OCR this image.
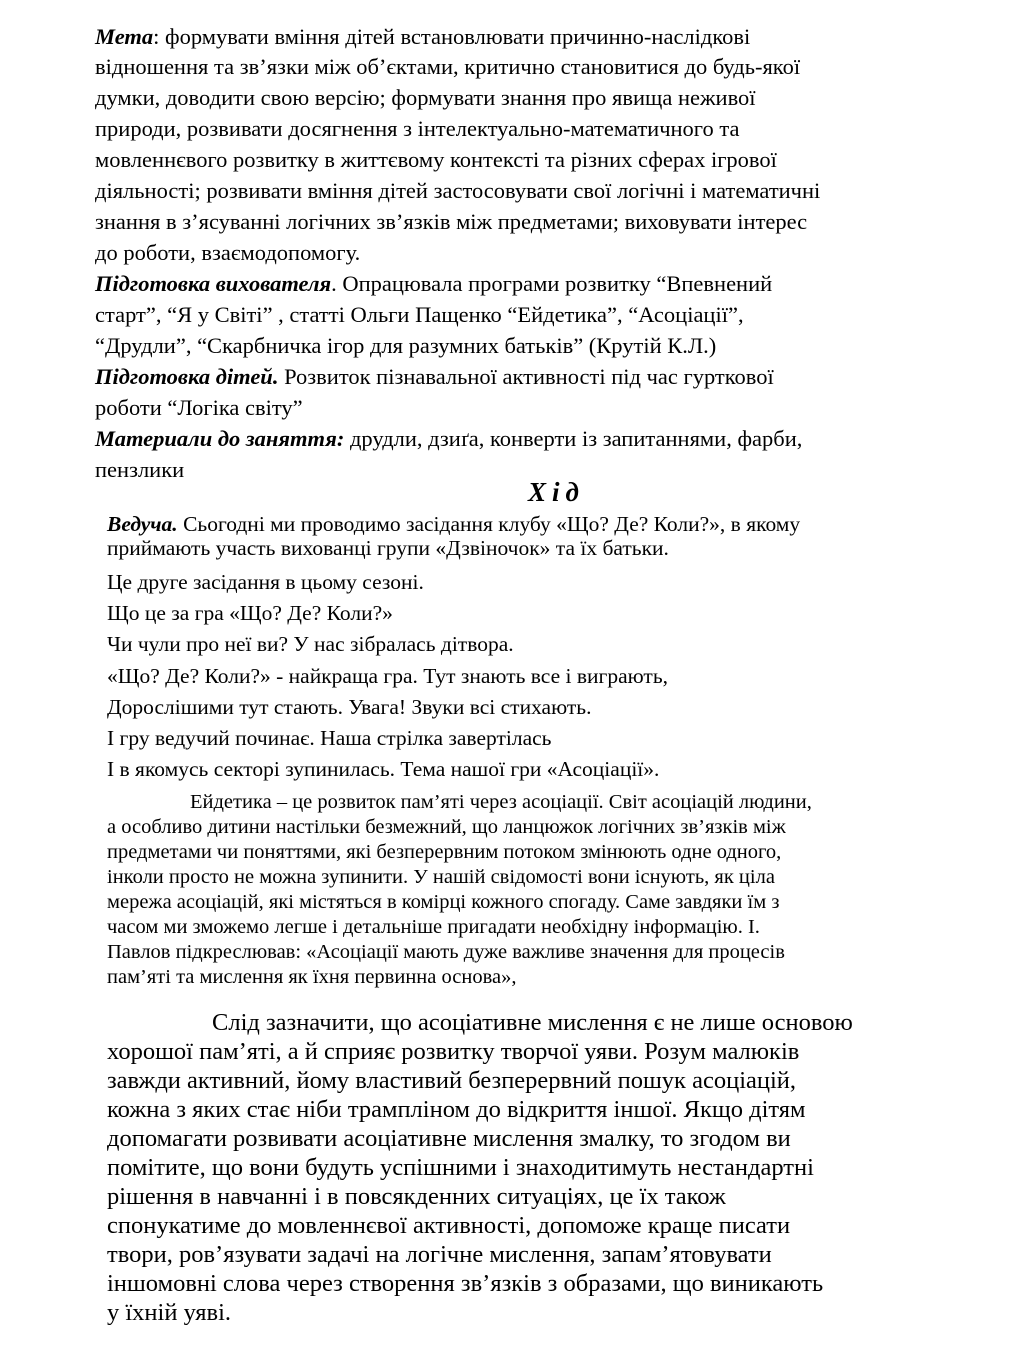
Мета: формувати вміння дітей встановлювати причинно-наслідкові
відношення та зв’язки між об’єктами, критично становитися до будь-якої
думки, доводити свою версію; формувати знання про явища неживої
природи, розвивати досягнення з інтелектуально-математичного та
мовленнєвого розвитку в життєвому контексті та різних сферах ігрової
діяльності; розвивати вміння дітей застосовувати свої логічні і математичні
знання в з’ясуванні логічних зв’язків між предметами; виховувати інтерес
до роботи, взаємодопомогу.
Підготовка вихователя. Опрацювала програми розвитку “Впевнений
старт”, “Я у Світі” , статті Ольги Пащенко “Ейдетика”, “Асоціації”,
“Друдли”, “Скарбничка ігор для разумних батьків” (Крутій К.Л.)
Підготовка дітей. Розвиток пізнавальної активності під час гурткової
роботи “Логіка світу”
Материали до заняття: друдли, дзиґа, конверти із запитаннями, фарби,
пензлики
Хід
Ведуча. Сьогодні ми проводимо засідання клубу «Що? Де? Коли?», в якому
приймають участь вихованці групи «Дзвіночок» та їх батьки.
Це друге засідання в цьому сезоні.
Що це за гра «Що? Де? Коли?»
Чи чули про неї ви? У нас зібралась дітвора.
«Що? Де? Коли?» - найкраща гра. Тут знають все і виграють,
Дорослішими тут стають. Увага! Звуки всі стихають.
І гру ведучий починає. Наша стрілка завертілась
І в якомусь секторі зупинилась. Тема нашої гри «Асоціації».
Ейдетика – це розвиток пам’яті через асоціації. Світ асоціацій людини,
а особливо дитини настільки безмежний, що ланцюжок логічних зв’язків між
предметами чи поняттями, які безперервним потоком змінюють одне одного,
інколи просто не можна зупинити. У нашій свідомості вони існують, як ціла
мережа асоціацій, які містяться в комірці кожного спогаду. Саме завдяки їм з
часом ми зможемо легше і детальніше пригадати необхідну інформацію. І.
Павлов підкреслював: «Асоціації мають дуже важливе значення для процесів
пам’яті та мислення як їхня первинна основа»,
Слід зазначити, що асоціативне мислення є не лише основою
хорошої пам’яті, а й сприяє розвитку творчої уяви. Розум малюків
завжди активний, йому властивий безперервний пошук асоціацій,
кожна з яких стає ніби трампліном до відкриття іншої. Якщо дітям
допомагати розвивати асоціативне мислення змалку, то згодом ви
помітите, що вони будуть успішними і знаходитимуть нестандартні
рішення в навчанні і в повсякденних ситуаціях, це їх також
спонукатиме до мовленнєвої активності, допоможе краще писати
твори, ров’язувати задачі на логічне мислення, запам’ятовувати
іншомовні слова через створення зв’язків з образами, що виникають
у їхній уяві.
